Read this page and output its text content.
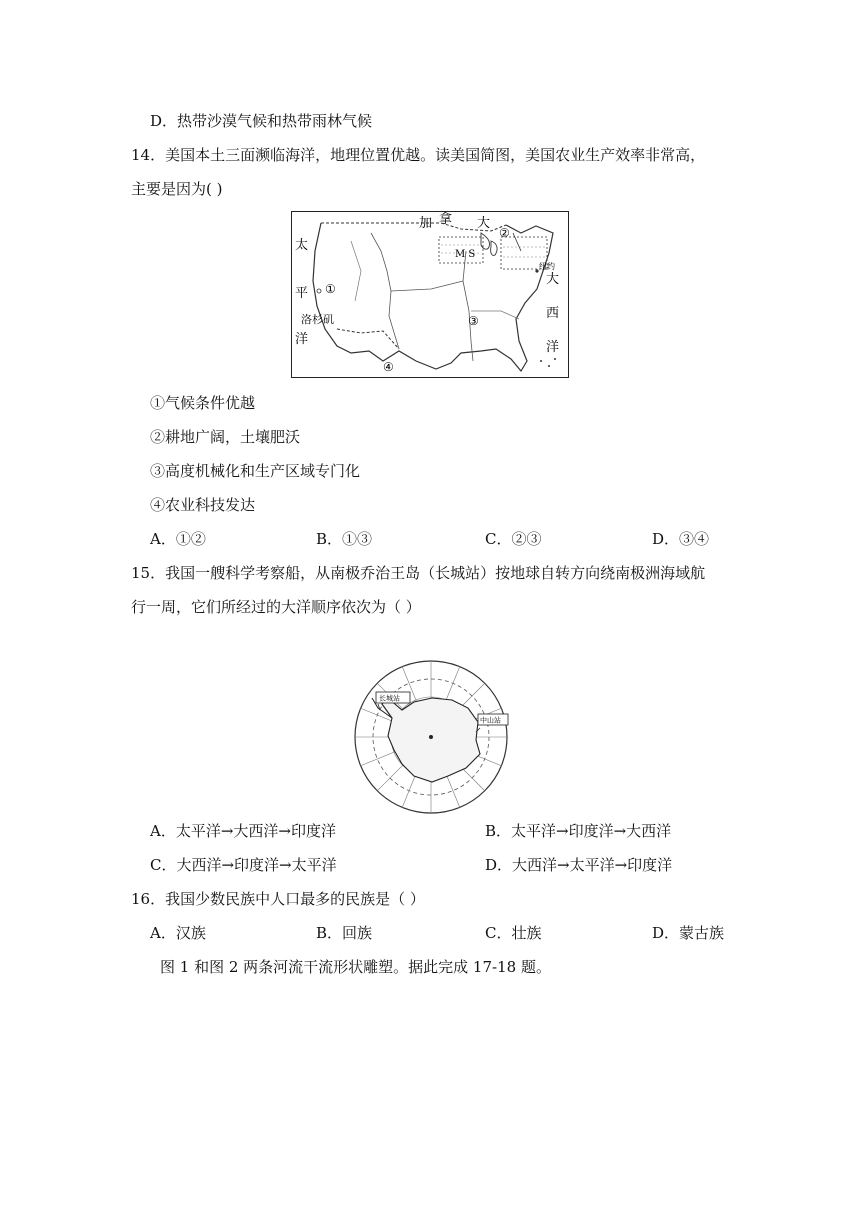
D．热带沙漠气候和热带雨林气候
14．美国本土三面濒临海洋，地理位置优越。读美国简图，美国农业生产效率非常高，
主要是因为( )
加 拿 大
太
平
洋
大
西
洋
洛杉矶
纽约
M S
①
②
③
④
①气候条件优越
②耕地广阔，土壤肥沃
③高度机械化和生产区域专门化
④农业科技发达
A．①②	B．①③	C．②③	D．③④
15．我国一艘科学考察船，从南极乔治王岛（长城站）按地球自转方向绕南极洲海域航
行一周，它们所经过的大洋顺序依次为（ ）
长城站
中山站
A．太平洋→大西洋→印度洋	B．太平洋→印度洋→大西洋
C．大西洋→印度洋→太平洋	D．大西洋→太平洋→印度洋
16．我国少数民族中人口最多的民族是（ ）
A．汉族	B．回族	C．壮族	D．蒙古族
图 1 和图 2 两条河流干流形状雕塑。据此完成 17-18 题。
